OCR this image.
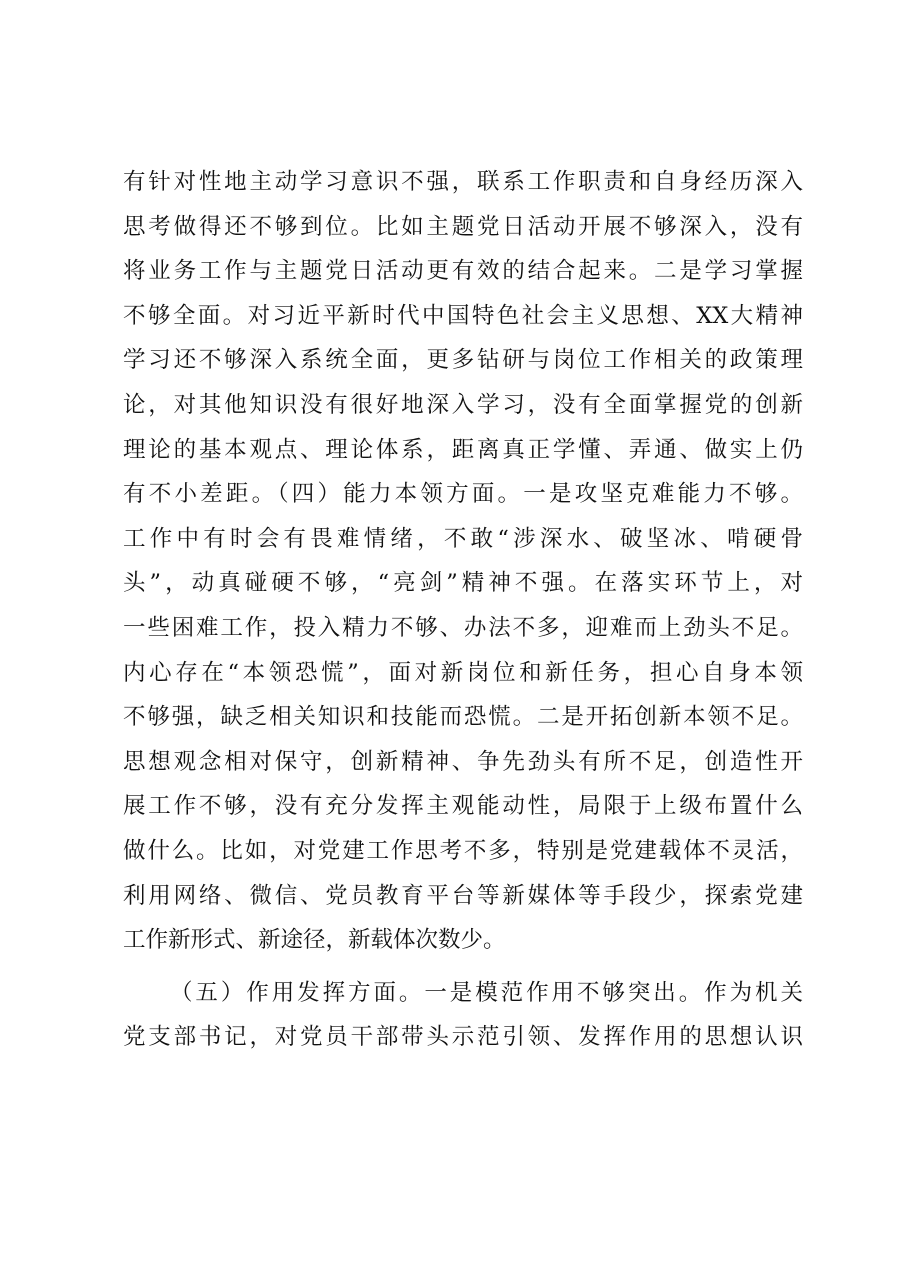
有针对性地主动学习意识不强，联系工作职责和自身经历深入
思考做得还不够到位。比如主题党日活动开展不够深入，没有
将业务工作与主题党日活动更有效的结合起来。二是学习掌握
不够全面。对习近平新时代中国特色社会主义思想、XX大精神
学习还不够深入系统全面，更多钻研与岗位工作相关的政策理
论，对其他知识没有很好地深入学习，没有全面掌握党的创新
理论的基本观点、理论体系，距离真正学懂、弄通、做实上仍
有不小差距。（四）能力本领方面。一是攻坚克难能力不够。
工作中有时会有畏难情绪，不敢“涉深水、破坚冰、啃硬骨
头”，动真碰硬不够，“亮剑”精神不强。在落实环节上，对
一些困难工作，投入精力不够、办法不多，迎难而上劲头不足。
内心存在“本领恐慌”，面对新岗位和新任务，担心自身本领
不够强，缺乏相关知识和技能而恐慌。二是开拓创新本领不足。
思想观念相对保守，创新精神、争先劲头有所不足，创造性开
展工作不够，没有充分发挥主观能动性，局限于上级布置什么
做什么。比如，对党建工作思考不多，特别是党建载体不灵活，
利用网络、微信、党员教育平台等新媒体等手段少，探索党建
工作新形式、新途径，新载体次数少。
（五）作用发挥方面。一是模范作用不够突出。作为机关
党支部书记，对党员干部带头示范引领、发挥作用的思想认识
